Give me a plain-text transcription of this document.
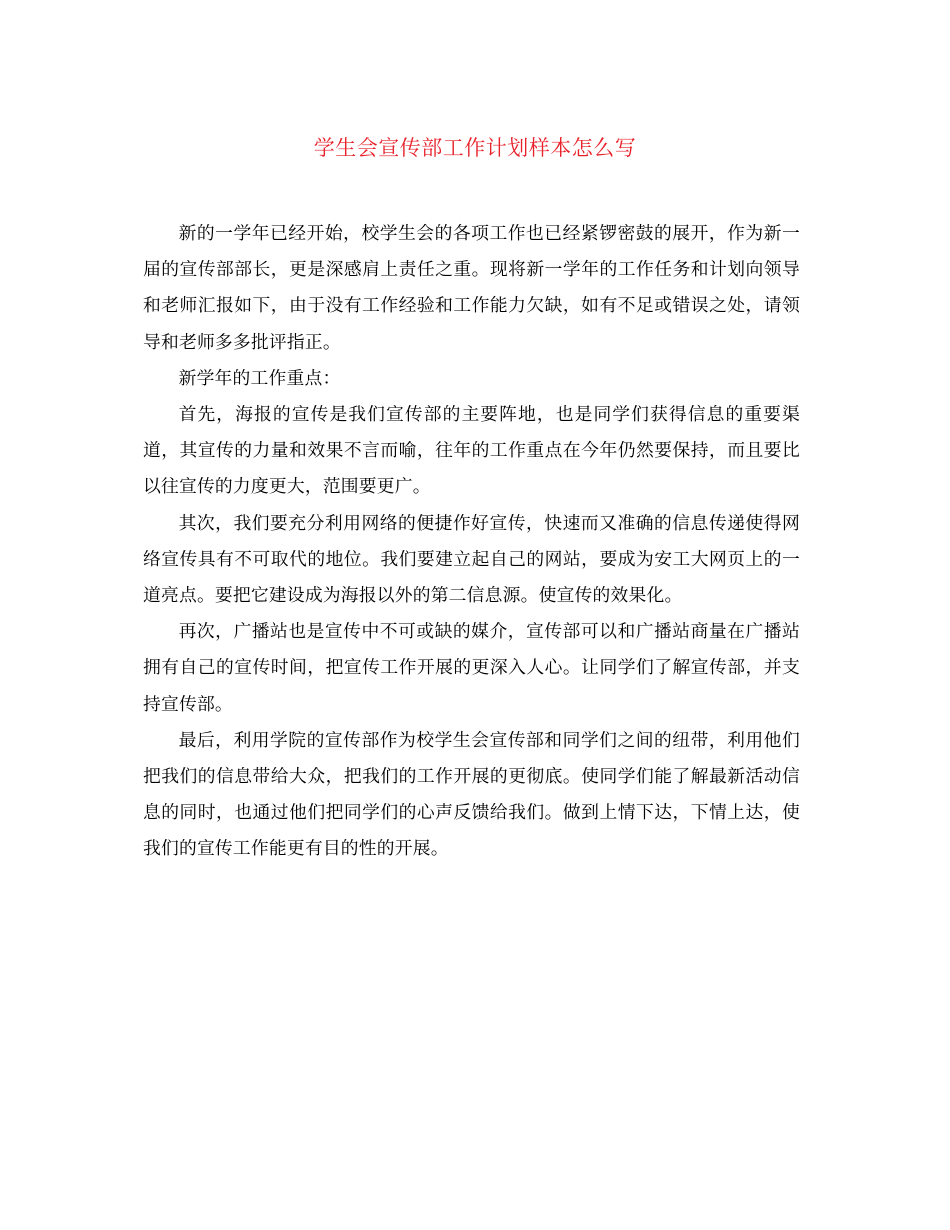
学生会宣传部工作计划样本怎么写

新的一学年已经开始，校学生会的各项工作也已经紧锣密鼓的展开，作为新一届的宣传部部长，更是深感肩上责任之重。现将新一学年的工作任务和计划向领导和老师汇报如下，由于没有工作经验和工作能力欠缺，如有不足或错误之处，请领导和老师多多批评指正。

新学年的工作重点：

首先，海报的宣传是我们宣传部的主要阵地，也是同学们获得信息的重要渠道，其宣传的力量和效果不言而喻，往年的工作重点在今年仍然要保持，而且要比以往宣传的力度更大，范围要更广。

其次，我们要充分利用网络的便捷作好宣传，快速而又准确的信息传递使得网络宣传具有不可取代的地位。我们要建立起自己的网站，要成为安工大网页上的一道亮点。要把它建设成为海报以外的第二信息源。使宣传的效果化。

再次，广播站也是宣传中不可或缺的媒介，宣传部可以和广播站商量在广播站拥有自己的宣传时间，把宣传工作开展的更深入人心。让同学们了解宣传部，并支持宣传部。

最后，利用学院的宣传部作为校学生会宣传部和同学们之间的纽带，利用他们把我们的信息带给大众，把我们的工作开展的更彻底。使同学们能了解最新活动信息的同时，也通过他们把同学们的心声反馈给我们。做到上情下达，下情上达，使我们的宣传工作能更有目的性的开展。
